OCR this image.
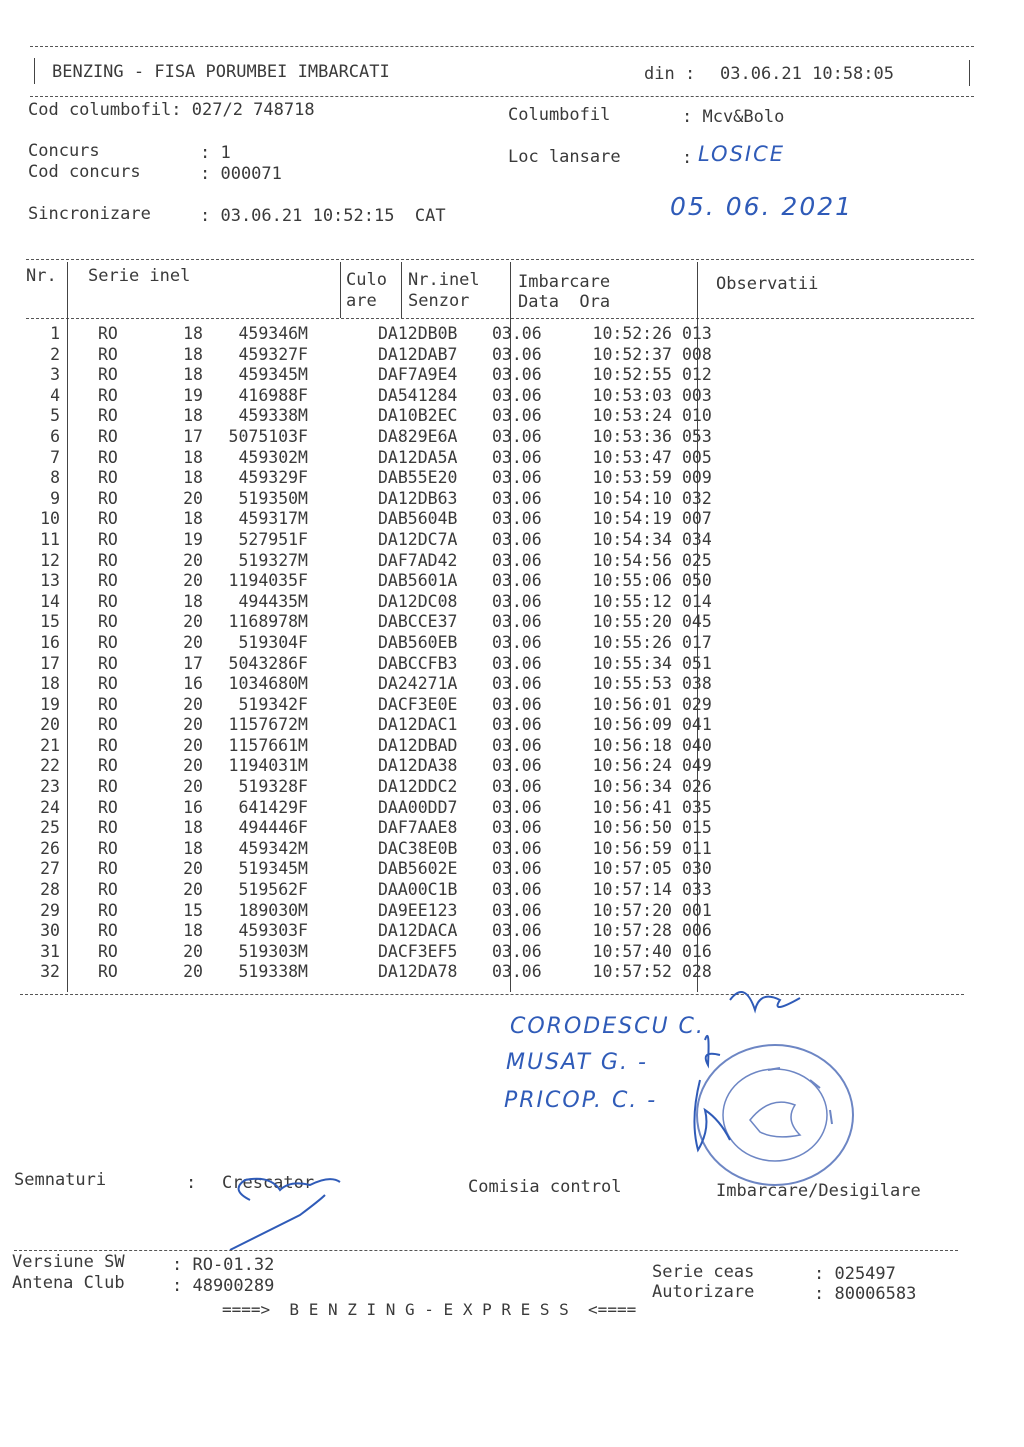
BENZING - FISA PORUMBEI IMBARCATI	din : 03.06.21 10:58:05
Cod columbofil: 027/2 748718	Columbofil	: Mcv&Bolo
Concurs	: 1
Cod concurs	: 000071
Loc lansare	: LOSICE
Sincronizare	: 03.06.21 10:52:15  CAT	05. 06. 2021
Nr. Serie inel	Culo
are
Nr.inel
Senzor
Imbarcare
Data  Ora
Observatii
1	RO	18	459346M		DA12DB0B	03.06	10:52:26	013
2	RO	18	459327F		DA12DAB7	03.06	10:52:37	008
3	RO	18	459345M		DAF7A9E4	03.06	10:52:55	012
4	RO	19	416988F		DA541284	03.06	10:53:03	003
5	RO	18	459338M		DA10B2EC	03.06	10:53:24	010
6	RO	17	5075103F		DA829E6A	03.06	10:53:36	053
7	RO	18	459302M		DA12DA5A	03.06	10:53:47	005
8	RO	18	459329F		DAB55E20	03.06	10:53:59	009
9	RO	20	519350M		DA12DB63	03.06	10:54:10	032
10	RO	18	459317M		DAB5604B	03.06	10:54:19	007
11	RO	19	527951F		DA12DC7A	03.06	10:54:34	034
12	RO	20	519327M		DAF7AD42	03.06	10:54:56	025
13	RO	20	1194035F		DAB5601A	03.06	10:55:06	050
14	RO	18	494435M		DA12DC08	03.06	10:55:12	014
15	RO	20	1168978M		DABCCE37	03.06	10:55:20	045
16	RO	20	519304F		DAB560EB	03.06	10:55:26	017
17	RO	17	5043286F		DABCCFB3	03.06	10:55:34	051
18	RO	16	1034680M		DA24271A	03.06	10:55:53	038
19	RO	20	519342F		DACF3E0E	03.06	10:56:01	029
20	RO	20	1157672M		DA12DAC1	03.06	10:56:09	041
21	RO	20	1157661M		DA12DBAD	03.06	10:56:18	040
22	RO	20	1194031M		DA12DA38	03.06	10:56:24	049
23	RO	20	519328F		DA12DDC2	03.06	10:56:34	026
24	RO	16	641429F		DAA00DD7	03.06	10:56:41	035
25	RO	18	494446F		DAF7AAE8	03.06	10:56:50	015
26	RO	18	459342M		DAC38E0B	03.06	10:56:59	011
27	RO	20	519345M		DAB5602E	03.06	10:57:05	030
28	RO	20	519562F		DAA00C1B	03.06	10:57:14	033
29	RO	15	189030M		DA9EE123	03.06	10:57:20	001
30	RO	18	459303F		DA12DACA	03.06	10:57:28	006
31	RO	20	519303M		DACF3EF5	03.06	10:57:40	016
32	RO	20	519338M		DA12DA78	03.06	10:57:52	028
CORODESCU C.
MUSAT G. -
PRICOP. C. -
Semnaturi	: Crescator	Comisia control	Imbarcare/Desigilare
Versiune SW	: RO-01.32
Antena Club	: 48900289
Serie ceas	: 025497
Autorizare	: 80006583
====>  B E N Z I N G - E X P R E S S  <====
